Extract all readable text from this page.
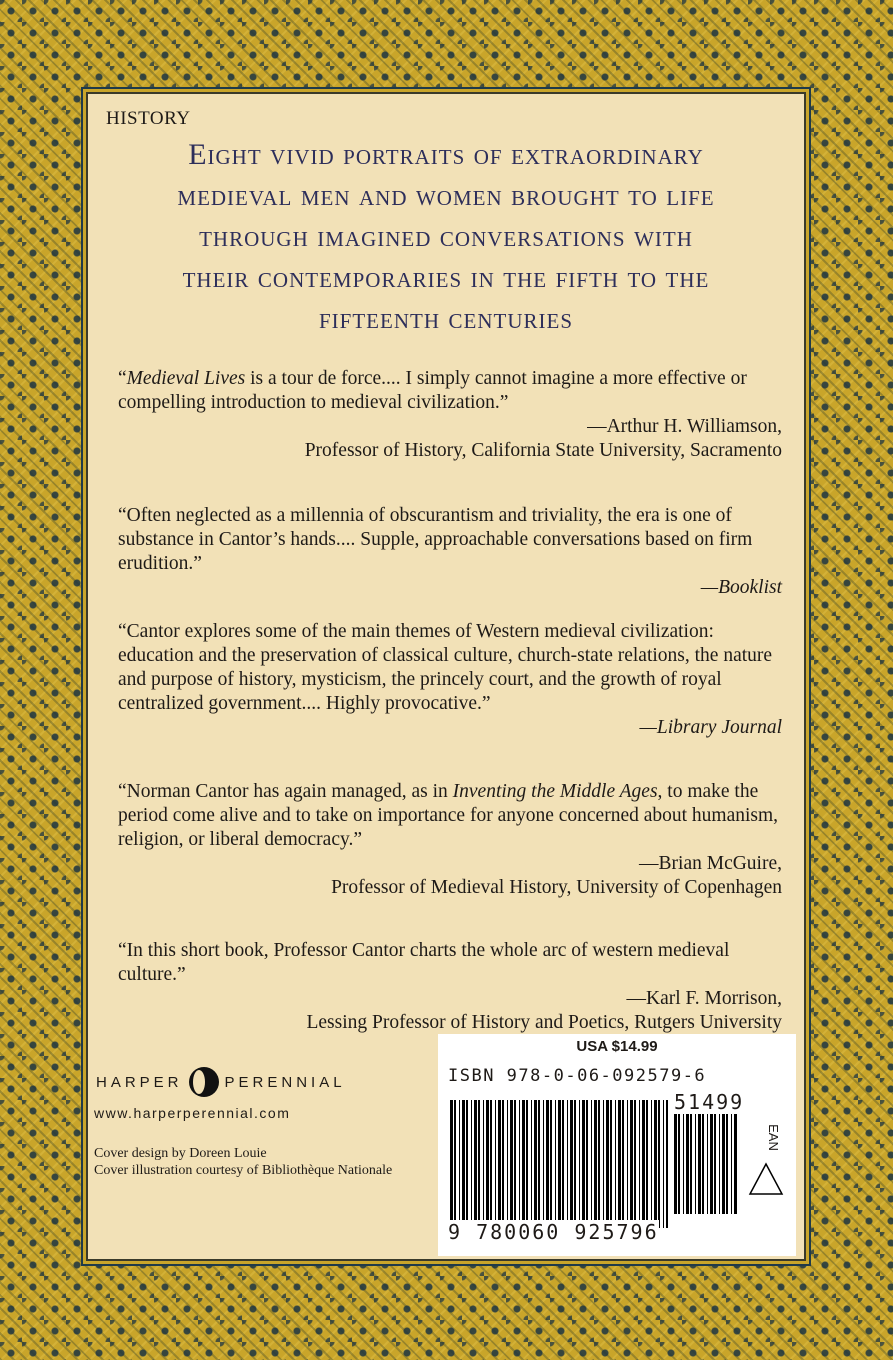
HISTORY
Eight vivid portraits of extraordinary
medieval men and women brought to life
through imagined conversations with
their contemporaries in the fifth to the
fifteenth centuries
“Medieval Lives is a tour de force.... I simply cannot imagine a more effective or compelling introduction to medieval civilization.”
—Arthur H. Williamson,
Professor of History, California State University, Sacramento
“Often neglected as a millennia of obscurantism and triviality, the era is one of substance in Cantor’s hands.... Supple, approachable conversations based on firm erudition.”
—Booklist
“Cantor explores some of the main themes of Western medieval civilization: education and the preservation of classical culture, church-state relations, the nature and purpose of history, mysticism, the princely court, and the growth of royal centralized government.... Highly provocative.”
—Library Journal
“Norman Cantor has again managed, as in Inventing the Middle Ages, to make the period come alive and to take on importance for anyone concerned about humanism, religion, or liberal democracy.”
—Brian McGuire,
Professor of Medieval History, University of Copenhagen
“In this short book, Professor Cantor charts the whole arc of western medieval culture.”
—Karl F. Morrison,
Lessing Professor of History and Poetics, Rutgers University
HARPER	PERENNIAL
www.harperperennial.com
Cover design by Doreen Louie
Cover illustration courtesy of Bibliothèque Nationale
USA $14.99
ISBN 978-0-06-092579-6
51499
9 780060 925796
EAN
